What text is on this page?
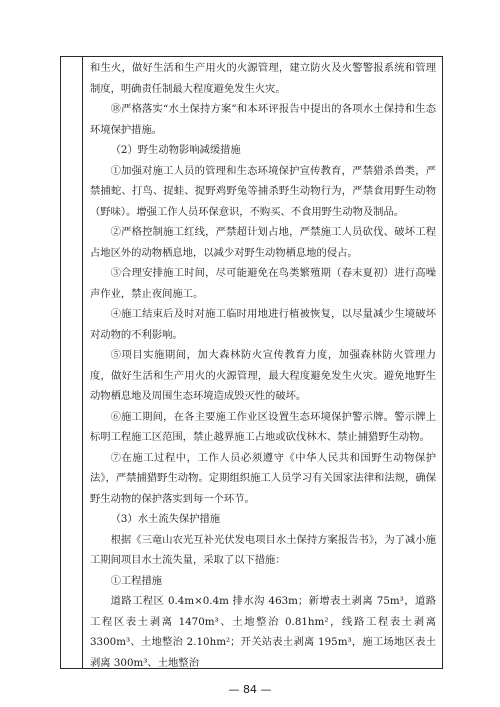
和生火，做好生活和生产用火的火源管理，建立防火及火警警报系统和管理制度，明确责任制最大程度避免发生火灾。

⑱严格落实“水土保持方案”和本环评报告中提出的各项水土保持和生态环境保护措施。

（2）野生动物影响减缓措施

①加强对施工人员的管理和生态环境保护宣传教育，严禁猎杀兽类，严禁捕蛇、打鸟、捉蛙、捉野鸡野兔等捕杀野生动物行为，严禁食用野生动物（野味）。增强工作人员环保意识，不购买、不食用野生动物及制品。

②严格控制施工红线，严禁超计划占地，严禁施工人员砍伐、破坏工程占地区外的动物栖息地，以减少对野生动物栖息地的侵占。

③合理安排施工时间，尽可能避免在鸟类繁殖期（春末夏初）进行高噪声作业，禁止夜间施工。

④施工结束后及时对施工临时用地进行植被恢复，以尽量减少生境破坏对动物的不利影响。

⑤项目实施期间，加大森林防火宣传教育力度，加强森林防火管理力度，做好生活和生产用火的火源管理，最大程度避免发生火灾。避免地野生动物栖息地及周围生态环境造成毁灭性的破坏。

⑥施工期间，在各主要施工作业区设置生态环境保护警示牌。警示牌上标明工程施工区范围，禁止越界施工占地或砍伐林木、禁止捕猎野生动物。

⑦在施工过程中，工作人员必须遵守《中华人民共和国野生动物保护法》，严禁捕猎野生动物。定期组织施工人员学习有关国家法律和法规，确保野生动物的保护落实到每一个环节。

（3）水土流失保护措施

根据《三竜山农光互补光伏发电项目水土保持方案报告书》，为了减小施工期间项目水土流失量，采取了以下措施：

①工程措施

道路工程区 0.4m×0.4m 排水沟 463m；新增表土剥离 75m³，道路工程区表土剥离 1470m³、土地整治 0.81hm²，线路工程表土剥离 3300m³、土地整治 2.10hm²；开关站表土剥离 195m³，施工场地区表土剥离 300m³、土地整治

— 84 —
